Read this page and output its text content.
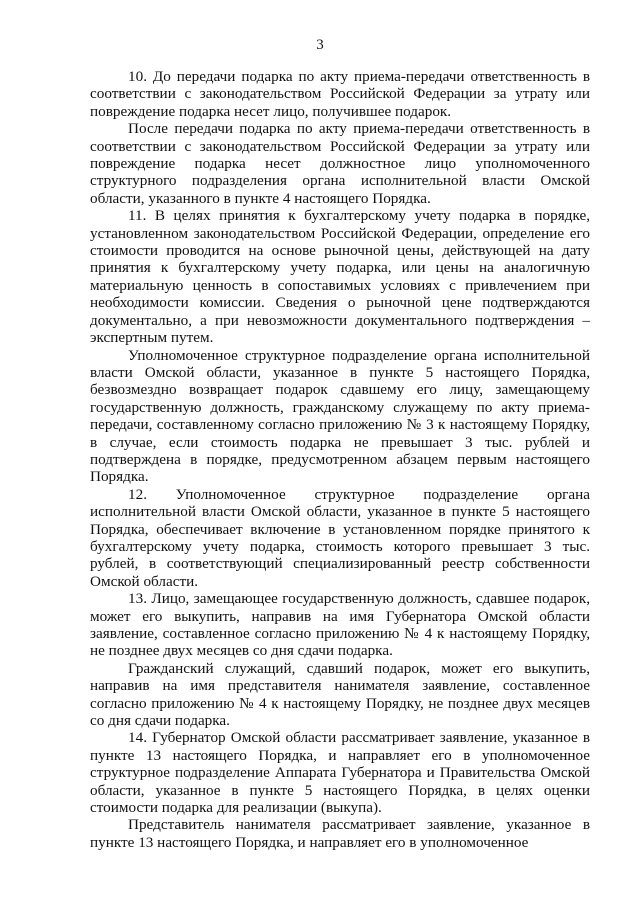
3

10. До передачи подарка по акту приема-передачи ответственность в соответствии с законодательством Российской Федерации за утрату или повреждение подарка несет лицо, получившее подарок.

После передачи подарка по акту приема-передачи ответственность в соответствии с законодательством Российской Федерации за утрату или повреждение подарка несет должностное лицо уполномоченного структурного подразделения органа исполнительной власти Омской области, указанного в пункте 4 настоящего Порядка.

11. В целях принятия к бухгалтерскому учету подарка в порядке, установленном законодательством Российской Федерации, определение его стоимости проводится на основе рыночной цены, действующей на дату принятия к бухгалтерскому учету подарка, или цены на аналогичную материальную ценность в сопоставимых условиях с привлечением при необходимости комиссии. Сведения о рыночной цене подтверждаются документально, а при невозможности документального подтверждения – экспертным путем.

Уполномоченное структурное подразделение органа исполнительной власти Омской области, указанное в пункте 5 настоящего Порядка, безвозмездно возвращает подарок сдавшему его лицу, замещающему государственную должность, гражданскому служащему по акту приема-передачи, составленному согласно приложению № 3 к настоящему Порядку, в случае, если стоимость подарка не превышает 3 тыс. рублей и подтверждена в порядке, предусмотренном абзацем первым настоящего Порядка.

12. Уполномоченное структурное подразделение органа исполнительной власти Омской области, указанное в пункте 5 настоящего Порядка, обеспечивает включение в установленном порядке принятого к бухгалтерскому учету подарка, стоимость которого превышает 3 тыс. рублей, в соответствующий специализированный реестр собственности Омской области.

13. Лицо, замещающее государственную должность, сдавшее подарок, может его выкупить, направив на имя Губернатора Омской области заявление, составленное согласно приложению № 4 к настоящему Порядку, не позднее двух месяцев со дня сдачи подарка.

Гражданский служащий, сдавший подарок, может его выкупить, направив на имя представителя нанимателя заявление, составленное согласно приложению № 4 к настоящему Порядку, не позднее двух месяцев со дня сдачи подарка.

14. Губернатор Омской области рассматривает заявление, указанное в пункте 13 настоящего Порядка, и направляет его в уполномоченное структурное подразделение Аппарата Губернатора и Правительства Омской области, указанное в пункте 5 настоящего Порядка, в целях оценки стоимости подарка для реализации (выкупа).

Представитель нанимателя рассматривает заявление, указанное в пункте 13 настоящего Порядка, и направляет его в уполномоченное
